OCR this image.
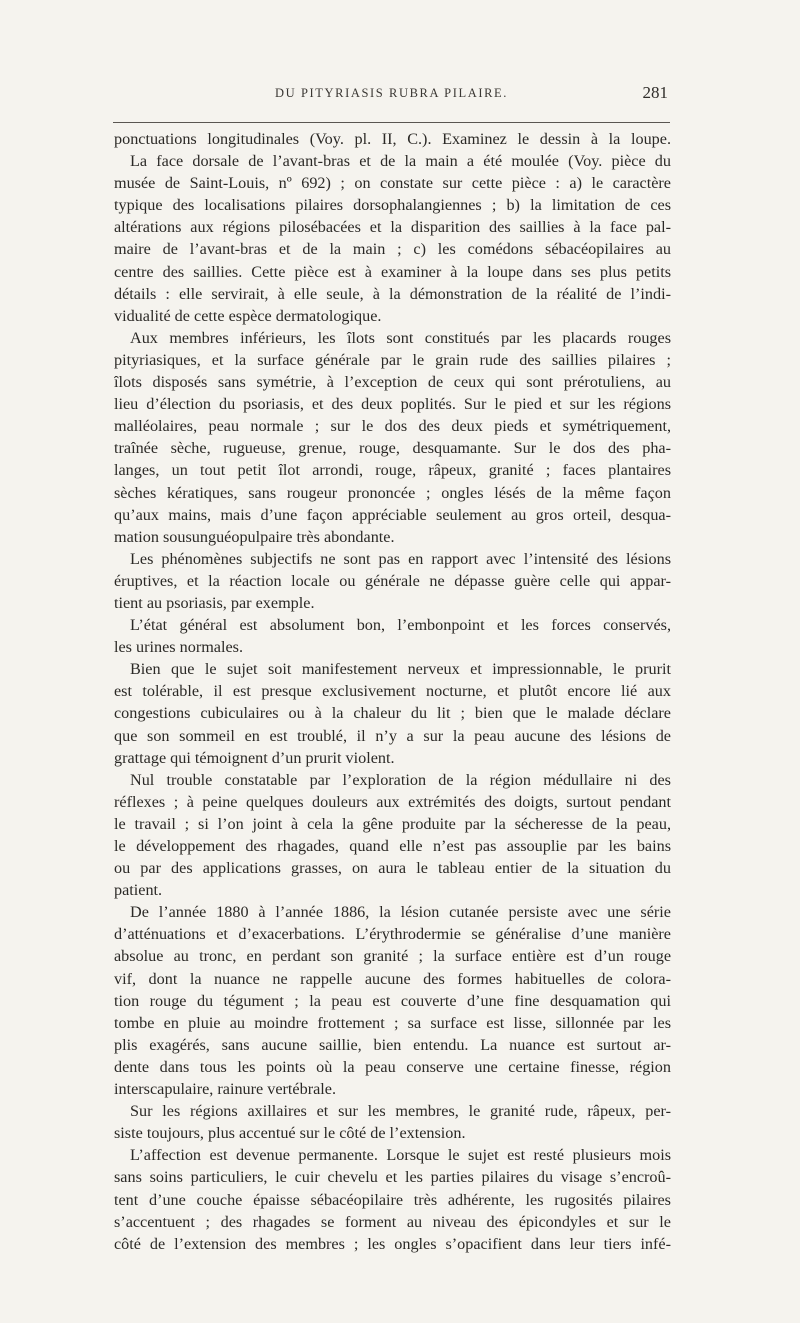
DU PITYRIASIS RUBRA PILAIRE.	281
ponctuations longitudinales (Voy. pl. II, C.). Examinez le dessin à la loupe.
La face dorsale de l’avant-bras et de la main a été moulée (Voy. pièce du
musée de Saint-Louis, nº 692) ; on constate sur cette pièce : a) le caractère
typique des localisations pilaires dorsophalangiennes ; b) la limitation de ces
altérations aux régions pilosébacées et la disparition des saillies à la face pal-
maire de l’avant-bras et de la main ; c) les comédons sébacéopilaires au
centre des saillies. Cette pièce est à examiner à la loupe dans ses plus petits
détails : elle servirait, à elle seule, à la démonstration de la réalité de l’indi-
vidualité de cette espèce dermatologique.
Aux membres inférieurs, les îlots sont constitués par les placards rouges
pityriasiques, et la surface générale par le grain rude des saillies pilaires ;
îlots disposés sans symétrie, à l’exception de ceux qui sont prérotuliens, au
lieu d’élection du psoriasis, et des deux poplités. Sur le pied et sur les régions
malléolaires, peau normale ; sur le dos des deux pieds et symétriquement,
traînée sèche, rugueuse, grenue, rouge, desquamante. Sur le dos des pha-
langes, un tout petit îlot arrondi, rouge, râpeux, granité ; faces plantaires
sèches kératiques, sans rougeur prononcée ; ongles lésés de la même façon
qu’aux mains, mais d’une façon appréciable seulement au gros orteil, desqua-
mation sousunguéopulpaire très abondante.
Les phénomènes subjectifs ne sont pas en rapport avec l’intensité des lésions
éruptives, et la réaction locale ou générale ne dépasse guère celle qui appar-
tient au psoriasis, par exemple.
L’état général est absolument bon, l’embonpoint et les forces conservés,
les urines normales.
Bien que le sujet soit manifestement nerveux et impressionnable, le prurit
est tolérable, il est presque exclusivement nocturne, et plutôt encore lié aux
congestions cubiculaires ou à la chaleur du lit ; bien que le malade déclare
que son sommeil en est troublé, il n’y a sur la peau aucune des lésions de
grattage qui témoignent d’un prurit violent.
Nul trouble constatable par l’exploration de la région médullaire ni des
réflexes ; à peine quelques douleurs aux extrémités des doigts, surtout pendant
le travail ; si l’on joint à cela la gêne produite par la sécheresse de la peau,
le développement des rhagades, quand elle n’est pas assouplie par les bains
ou par des applications grasses, on aura le tableau entier de la situation du
patient.
De l’année 1880 à l’année 1886, la lésion cutanée persiste avec une série
d’atténuations et d’exacerbations. L’érythrodermie se généralise d’une manière
absolue au tronc, en perdant son granité ; la surface entière est d’un rouge
vif, dont la nuance ne rappelle aucune des formes habituelles de colora-
tion rouge du tégument ; la peau est couverte d’une fine desquamation qui
tombe en pluie au moindre frottement ; sa surface est lisse, sillonnée par les
plis exagérés, sans aucune saillie, bien entendu. La nuance est surtout ar-
dente dans tous les points où la peau conserve une certaine finesse, région
interscapulaire, rainure vertébrale.
Sur les régions axillaires et sur les membres, le granité rude, râpeux, per-
siste toujours, plus accentué sur le côté de l’extension.
L’affection est devenue permanente. Lorsque le sujet est resté plusieurs mois
sans soins particuliers, le cuir chevelu et les parties pilaires du visage s’encroû-
tent d’une couche épaisse sébacéopilaire très adhérente, les rugosités pilaires
s’accentuent ; des rhagades se forment au niveau des épicondyles et sur le
côté de l’extension des membres ; les ongles s’opacifient dans leur tiers infé-
